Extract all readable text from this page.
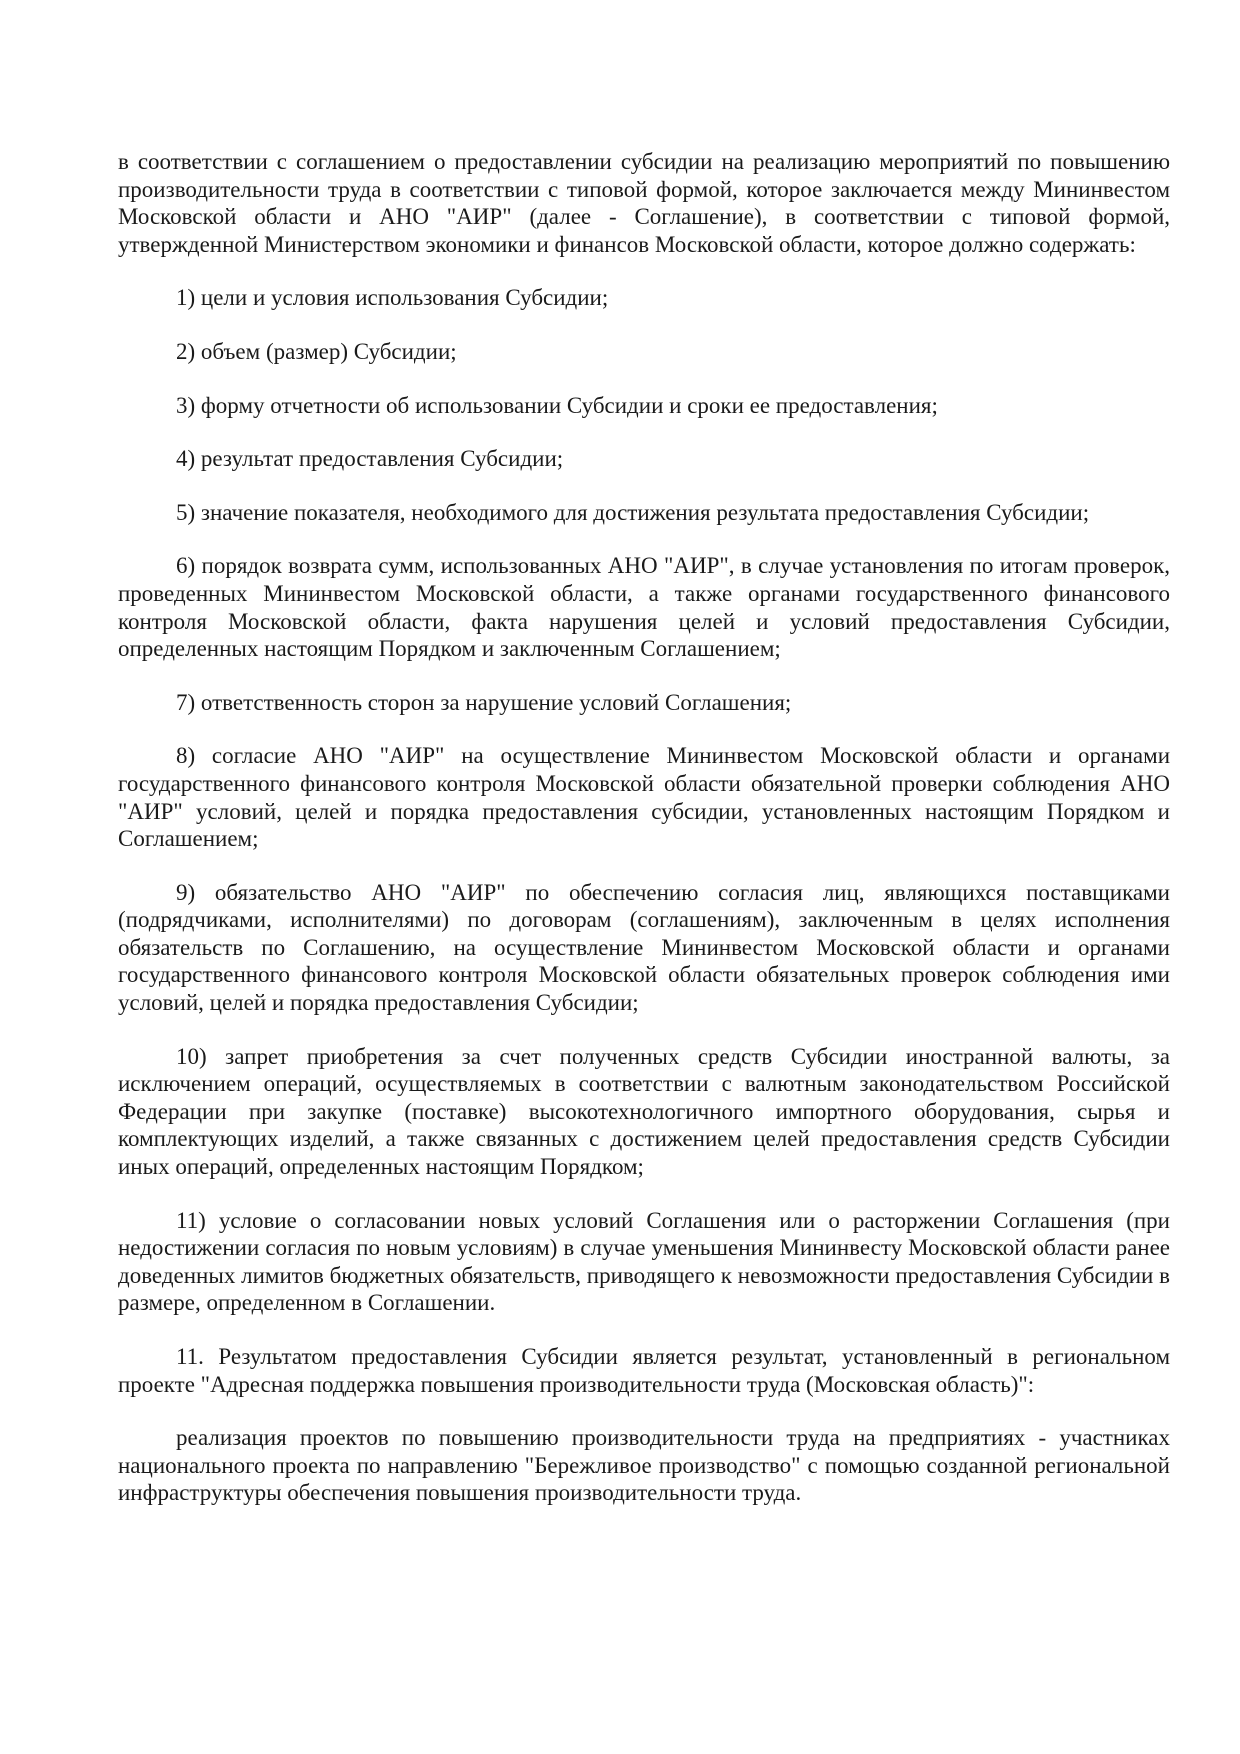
в соответствии с соглашением о предоставлении субсидии на реализацию мероприятий по повышению производительности труда в соответствии с типовой формой, которое заключается между Мининвестом Московской области и АНО "АИР" (далее - Соглашение), в соответствии с типовой формой, утвержденной Министерством экономики и финансов Московской области, которое должно содержать:

1) цели и условия использования Субсидии;

2) объем (размер) Субсидии;

3) форму отчетности об использовании Субсидии и сроки ее предоставления;

4) результат предоставления Субсидии;

5) значение показателя, необходимого для достижения результата предоставления Субсидии;

6) порядок возврата сумм, использованных АНО "АИР", в случае установления по итогам проверок, проведенных Мининвестом Московской области, а также органами государственного финансового контроля Московской области, факта нарушения целей и условий предоставления Субсидии, определенных настоящим Порядком и заключенным Соглашением;

7) ответственность сторон за нарушение условий Соглашения;

8) согласие АНО "АИР" на осуществление Мининвестом Московской области и органами государственного финансового контроля Московской области обязательной проверки соблюдения АНО "АИР" условий, целей и порядка предоставления субсидии, установленных настоящим Порядком и Соглашением;

9) обязательство АНО "АИР" по обеспечению согласия лиц, являющихся поставщиками (подрядчиками, исполнителями) по договорам (соглашениям), заключенным в целях исполнения обязательств по Соглашению, на осуществление Мининвестом Московской области и органами государственного финансового контроля Московской области обязательных проверок соблюдения ими условий, целей и порядка предоставления Субсидии;

10) запрет приобретения за счет полученных средств Субсидии иностранной валюты, за исключением операций, осуществляемых в соответствии с валютным законодательством Российской Федерации при закупке (поставке) высокотехнологичного импортного оборудования, сырья и комплектующих изделий, а также связанных с достижением целей предоставления средств Субсидии иных операций, определенных настоящим Порядком;

11) условие о согласовании новых условий Соглашения или о расторжении Соглашения (при недостижении согласия по новым условиям) в случае уменьшения Мининвесту Московской области ранее доведенных лимитов бюджетных обязательств, приводящего к невозможности предоставления Субсидии в размере, определенном в Соглашении.

11. Результатом предоставления Субсидии является результат, установленный в региональном проекте "Адресная поддержка повышения производительности труда (Московская область)":

реализация проектов по повышению производительности труда на предприятиях - участниках национального проекта по направлению "Бережливое производство" с помощью созданной региональной инфраструктуры обеспечения повышения производительности труда.
